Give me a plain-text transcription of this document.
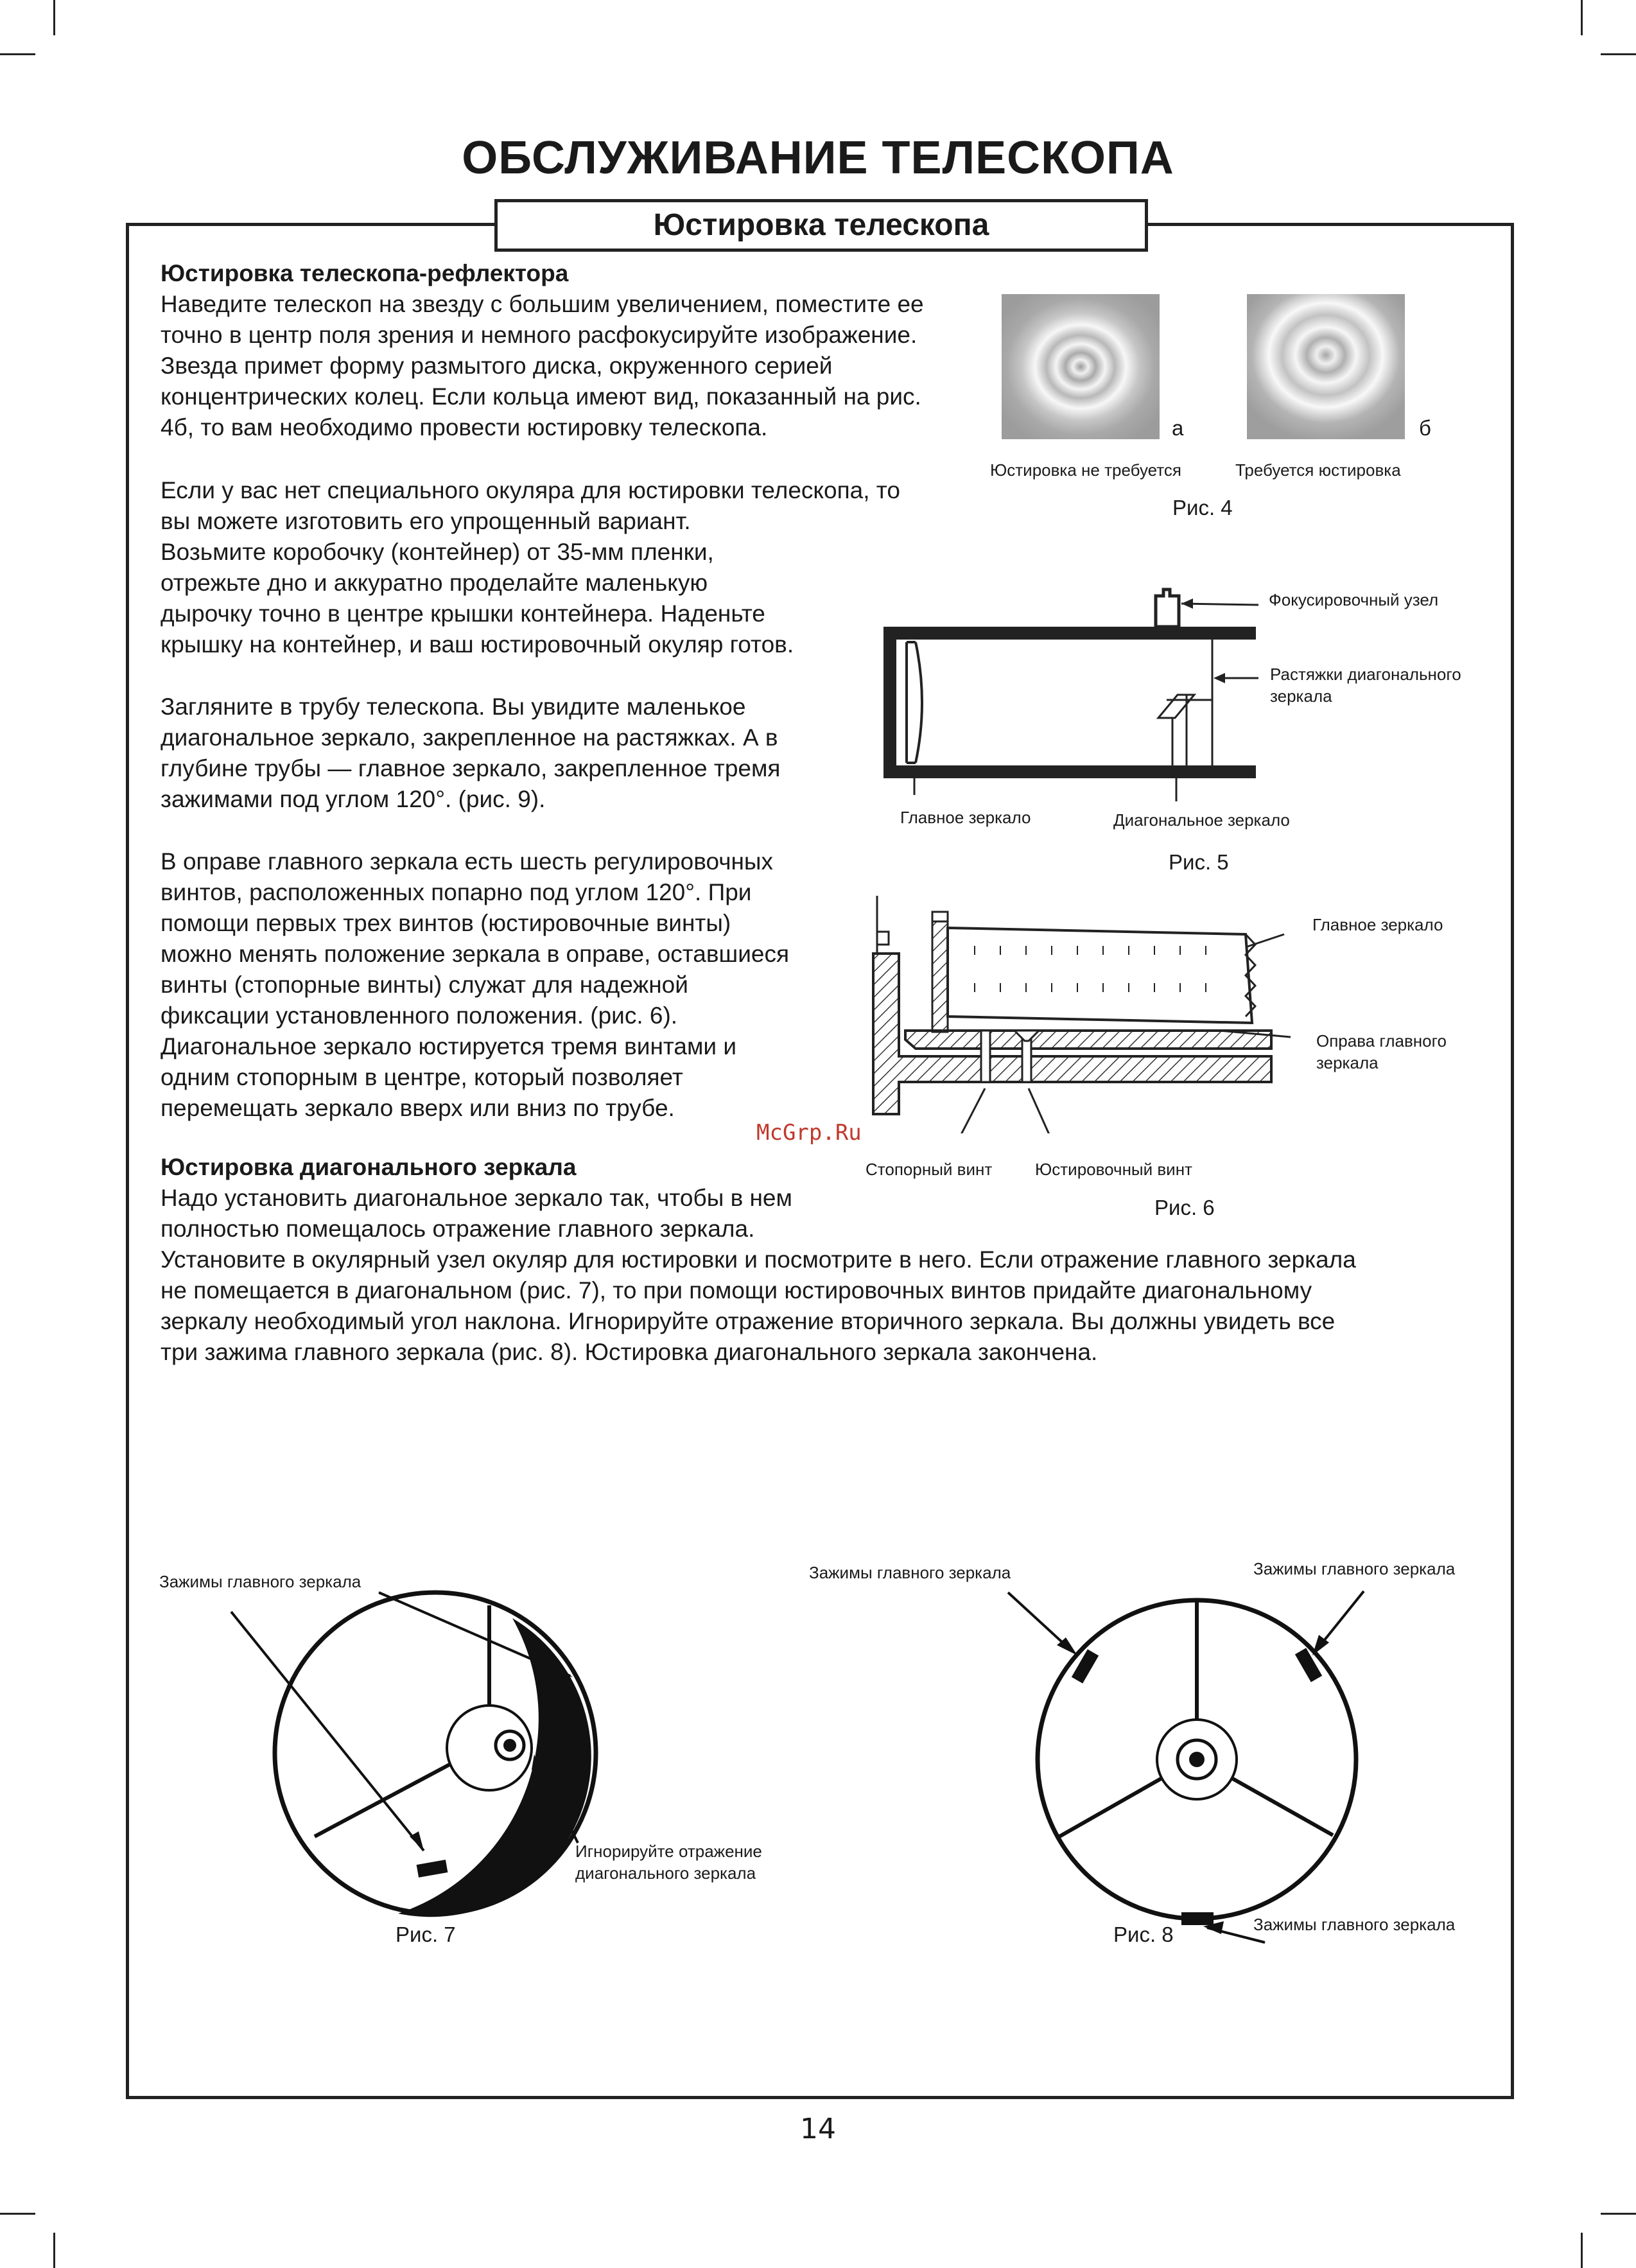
ОБСЛУЖИВАНИЕ ТЕЛЕСКОПА
Юстировка телескопа
Юстировка телескопа-рефлектора
Наведите телескоп на звезду с большим увеличением, поместите ее
точно в центр поля зрения и немного расфокусируйте изображение.
Звезда примет форму размытого диска, окруженного серией
концентрических колец. Если кольца имеют вид, показанный на рис.
4б, то вам необходимо провести юстировку телескопа.
Если у вас нет специального окуляра для юстировки телескопа, то
вы можете изготовить его упрощенный вариант.
Возьмите коробочку (контейнер) от 35-мм пленки,
отрежьте дно и аккуратно проделайте маленькую
дырочку точно в центре крышки контейнера. Наденьте
крышку на контейнер, и ваш юстировочный окуляр готов.
Загляните в трубу телескопа. Вы увидите маленькое
диагональное зеркало, закрепленное на растяжках. А в
глубине трубы — главное зеркало, закрепленное тремя
зажимами под углом 120°. (рис. 9).
В оправе главного зеркала есть шесть регулировочных
винтов, расположенных попарно под углом 120°. При
помощи первых трех винтов (юстировочные винты)
можно менять положение зеркала в оправе, оставшиеся
винты (стопорные винты) служат для надежной
фиксации установленного положения. (рис. 6).
Диагональное зеркало юстируется тремя винтами и
одним стопорным в центре, который позволяет
перемещать зеркало вверх или вниз по трубе.
Юстировка диагонального зеркала
Надо установить диагональное зеркало так, чтобы в нем
полностью помещалось отражение главного зеркала.
Установите в окулярный узел окуляр для юстировки и посмотрите в него. Если отражение главного зеркала
не помещается в диагональном (рис. 7), то при помощи юстировочных винтов придайте диагональному
зеркалу необходимый угол наклона. Игнорируйте отражение вторичного зеркала. Вы должны увидеть все
три зажима главного зеркала (рис. 8). Юстировка диагонального зеркала закончена.
а	б
Юстировка не требуется	Требуется юстировка
Рис. 4
Фокусировочный узел
Растяжки диагонального
зеркала
Главное зеркало	Диагональное зеркало
Рис. 5
Главное зеркало
Оправа главного
зеркала
Стопорный винт	Юстировочный винт
Рис. 6
McGrp.Ru
Зажимы главного зеркала
Игнорируйте отражение
диагонального зеркала
Рис. 7
Зажимы главного зеркала	Зажимы главного зеркала
Зажимы главного зеркала
Рис. 8
14
